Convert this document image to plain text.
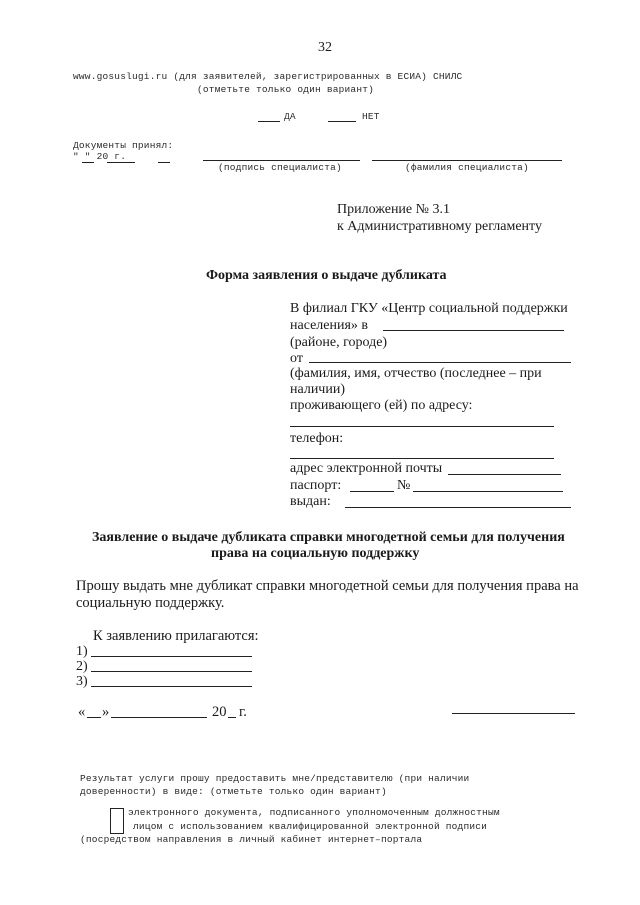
32
www.gosuslugi.ru (для заявителей, зарегистрированных в ЕСИА) СНИЛС
(отметьте только один вариант)
ДА	НЕТ
Документы принял:
" " 20 г.
(подпись специалиста)	(фамилия специалиста)
Приложение № 3.1
к Административному регламенту
Форма заявления о выдаче дубликата
В филиал ГКУ «Центр социальной поддержки
населения» в
(районе, городе)
от
(фамилия, имя, отчество (последнее – при
наличии)
проживающего (ей) по адресу:
телефон:
адрес электронной почты
паспорт:	№
выдан:
Заявление о выдаче дубликата справки многодетной семьи для получения
права на социальную поддержку
Прошу выдать мне дубликат справки многодетной семьи для получения права на
социальную поддержку.
К заявлению прилагаются:
1)
2)
3)
« »	20 г.
Результат услуги прошу предоставить мне/представителю (при наличии
доверенности) в виде: (отметьте только один вариант)
электронного документа, подписанного уполномоченным должностным
лицом с использованием квалифицированной электронной подписи
(посредством направления в личный кабинет интернет–портала
